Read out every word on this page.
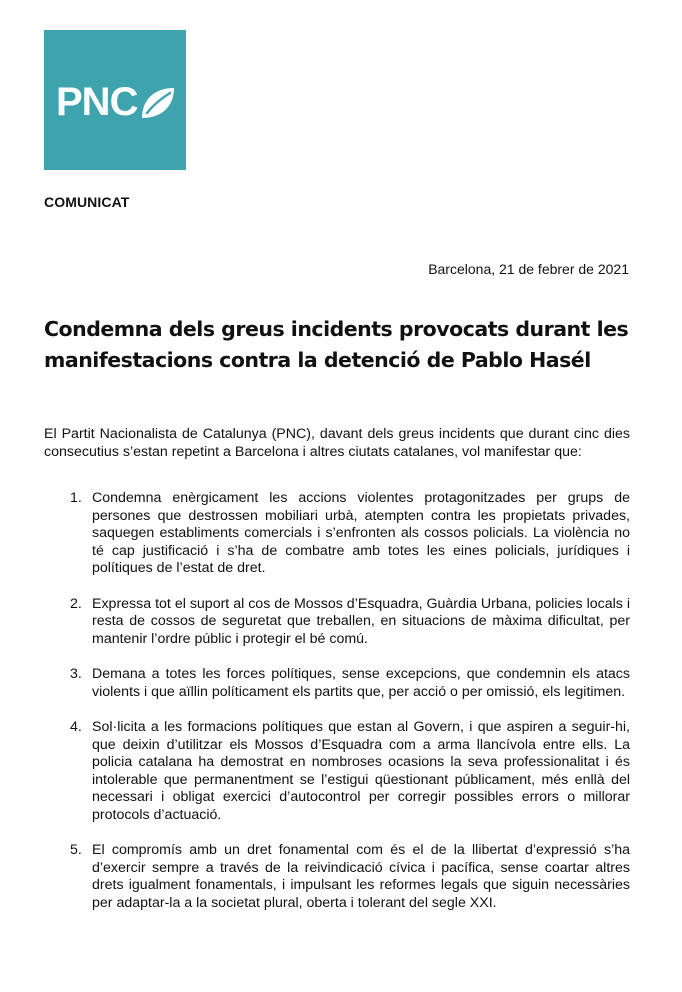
PNC
COMUNICAT
Barcelona, 21 de febrer de 2021
Condemna dels greus incidents provocats durant les manifestacions contra la detenció de Pablo Hasél

El Partit Nacionalista de Catalunya (PNC), davant dels greus incidents que durant cinc dies consecutius s’estan repetint a Barcelona i altres ciutats catalanes, vol manifestar que:

1. Condemna enèrgicament les accions violentes protagonitzades per grups de persones que destrossen mobiliari urbà, atempten contra les propietats privades, saquegen establiments comercials i s’enfronten als cossos policials. La violència no té cap justificació i s’ha de combatre amb totes les eines policials, jurídiques i polítiques de l’estat de dret.
2. Expressa tot el suport al cos de Mossos d’Esquadra, Guàrdia Urbana, policies locals i resta de cossos de seguretat que treballen, en situacions de màxima dificultat, per mantenir l’ordre públic i protegir el bé comú.
3. Demana a totes les forces polítiques, sense excepcions, que condemnin els atacs violents i que aïllin políticament els partits que, per acció o per omissió, els legitimen.
4. Sol·licita a les formacions polítiques que estan al Govern, i que aspiren a seguir-hi, que deixin d’utilitzar els Mossos d’Esquadra com a arma llancívola entre ells. La policia catalana ha demostrat en nombroses ocasions la seva professionalitat i és intolerable que permanentment se l’estigui qüestionant públicament, més enllà del necessari i obligat exercici d’autocontrol per corregir possibles errors o millorar protocols d’actuació.
5. El compromís amb un dret fonamental com és el de la llibertat d’expressió s’ha d’exercir sempre a través de la reivindicació cívica i pacífica, sense coartar altres drets igualment fonamentals, i impulsant les reformes legals que siguin necessàries per adaptar-la a la societat plural, oberta i tolerant del segle XXI.
